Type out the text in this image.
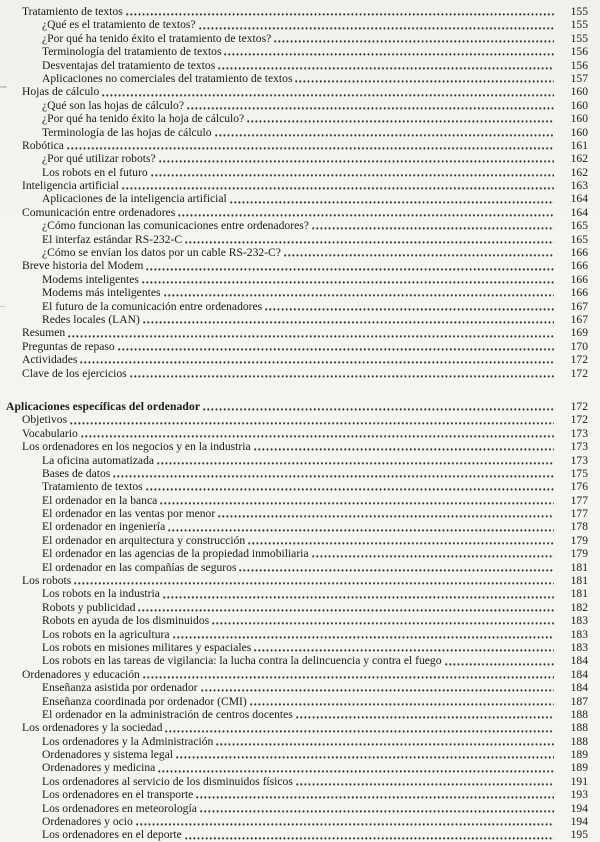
Tratamiento de textos	155
¿Qué es el tratamiento de textos?	155
¿Por qué ha tenido éxito el tratamiento de textos?	155
Terminología del tratamiento de textos	156
Desventajas del tratamiento de textos	156
Aplicaciones no comerciales del tratamiento de textos	157
Hojas de cálculo	160
¿Qué son las hojas de cálculo?	160
¿Por qué ha tenido éxito la hoja de cálculo?	160
Terminología de las hojas de cálculo	160
Robótica	161
¿Por qué utilizar robots?	162
Los robots en el futuro	162
Inteligencia artificial	163
Aplicaciones de la inteligencia artificial	164
Comunicación entre ordenadores	164
¿Cómo funcionan las comunicaciones entre ordenadores?	165
El interfaz estándar RS-232-C	165
¿Cómo se envían los datos por un cable RS-232-C?	166
Breve historia del Modem	166
Modems inteligentes	166
Modems más inteligentes	166
El futuro de la comunicación entre ordenadores	167
Redes locales (LAN)	167
Resumen	169
Preguntas de repaso	170
Actividades	172
Clave de los ejercicios	172
Aplicaciones específicas del ordenador	172
Objetivos	172
Vocabulario	173
Los ordenadores en los negocios y en la industria	173
La oficina automatizada	173
Bases de datos	175
Tratamiento de textos	176
El ordenador en la banca	177
El ordenador en las ventas por menor	177
El ordenador en ingeniería	178
El ordenador en arquitectura y construcción	179
El ordenador en las agencias de la propiedad inmobiliaria	179
El ordenador en las compañías de seguros	181
Los robots	181
Los robots en la industria	181
Robots y publicidad	182
Robots en ayuda de los disminuidos	183
Los robots en la agricultura	183
Los robots en misiones militares y espaciales	183
Los robots en las tareas de vigilancia: la lucha contra la delincuencia y contra el fuego	184
Ordenadores y educación	184
Enseñanza asistida por ordenador	184
Enseñanza coordinada por ordenador (CMI)	187
El ordenador en la administración de centros docentes	188
Los ordenadores y la sociedad	188
Los ordenadores y la Administración	188
Ordenadores y sistema legal	189
Ordenadores y medicina	189
Los ordenadores al servicio de los disminuidos físicos	191
Los ordenadores en el transporte	193
Los ordenadores en meteorología	194
Ordenadores y ocio	194
Los ordenadores en el deporte	195
